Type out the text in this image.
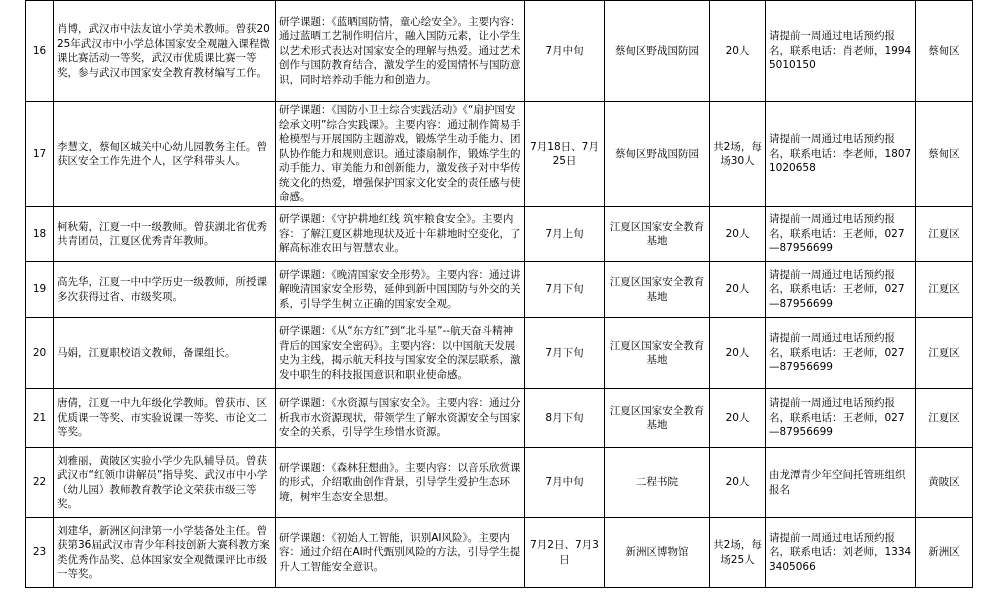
16	肖博，武汉市中法友谊小学美术教师。曾获2025年武汉市中小学总体国家安全观融入课程微课比赛活动一等奖，武汉市优质课比赛一等奖，参与武汉市国家安全教育教材编写工作。	研学课题：《蓝晒国防情，童心绘安全》。主要内容：通过蓝晒工艺制作明信片，融入国防元素，让小学生以艺术形式表达对国家安全的理解与热爱。通过艺术创作与国防教育结合，激发学生的爱国情怀与国防意识，同时培养动手能力和创造力。	7月中旬	蔡甸区野战国防园	20人	请提前一周通过电话预约报名，联系电话：肖老师，19945010150	蔡甸区
17	李慧文，蔡甸区城关中心幼儿园教务主任。曾获区安全工作先进个人，区学科带头人。	研学课题：《国防小卫士综合实践活动》《“扇护国安 绘承文明”综合实践课》。主要内容：通过制作简易手枪模型与开展国防主题游戏，锻炼学生动手能力、团队协作能力和规则意识。通过漆扇制作，锻炼学生的动手能力、审美能力和创新能力，激发孩子对中华传统文化的热爱，增强保护国家文化安全的责任感与使命感。	7月18日、7月25日	蔡甸区野战国防园	共2场，每场30人	请提前一周通过电话预约报名，联系电话：李老师，18071020658	蔡甸区
18	柯秋菊，江夏一中一级教师。曾获湖北省优秀共青团员，江夏区优秀青年教师。	研学课题：《守护耕地红线 筑牢粮食安全》。主要内容：了解江夏区耕地现状及近十年耕地时空变化，了解高标准农田与智慧农业。	7月上旬	江夏区国家安全教育基地	20人	请提前一周通过电话预约报名，联系电话：王老师，027—87956699	江夏区
19	高先华，江夏一中中学历史一级教师，所授课多次获得过省、市级奖项。	研学课题：《晚清国家安全形势》。主要内容：通过讲解晚清国家安全形势，延伸到新中国国防与外交的关系，引导学生树立正确的国家安全观。	7月下旬	江夏区国家安全教育基地	20人	请提前一周通过电话预约报名，联系电话：王老师，027—87956699	江夏区
20	马娟，江夏职校语文教师，备课组长。	研学课题：《从“东方红”到“北斗星”--航天奋斗精神背后的国家安全密码》。主要内容：以中国航天发展史为主线，揭示航天科技与国家安全的深层联系，激发中职生的科技报国意识和职业使命感。	7月下旬	江夏区国家安全教育基地	20人	请提前一周通过电话预约报名，联系电话：王老师，027—87956699	江夏区
21	唐倩，江夏一中九年级化学教师。曾获市、区优质课一等奖、市实验说课一等奖、市论文二等奖。	研学课题：《水资源与国家安全》。主要内容：通过分析我市水资源现状，带领学生了解水资源安全与国家安全的关系，引导学生珍惜水资源。	8月下旬	江夏区国家安全教育基地	20人	请提前一周通过电话预约报名，联系电话：王老师，027—87956699	江夏区
22	刘雅丽，黄陂区实验小学少先队辅导员。曾获武汉市“红领巾讲解员”指导奖、武汉市中小学（幼儿园）教师教育教学论文荣获市级三等奖。	研学课题：《森林狂想曲》。主要内容：以音乐欣赏课的形式，介绍歌曲创作背景，引导学生爱护生态环境，树牢生态安全思想。	7月中旬	二程书院	20人	由龙潭青少年空间托管班组织报名	黄陂区
23	刘建华，新洲区问津第一小学装备处主任。曾获第36届武汉市青少年科技创新大赛科教方案类优秀作品奖、总体国家安全观微课评比市级一等奖。	研学课题：《初始人工智能，识别AI风险》。主要内容：通过介绍在AI时代甄别风险的方法，引导学生提升人工智能安全意识。	7月2日、7月3日	新洲区博物馆	共2场，每场25人	请提前一周通过电话预约报名，联系电话：刘老师，13343405066	新洲区
